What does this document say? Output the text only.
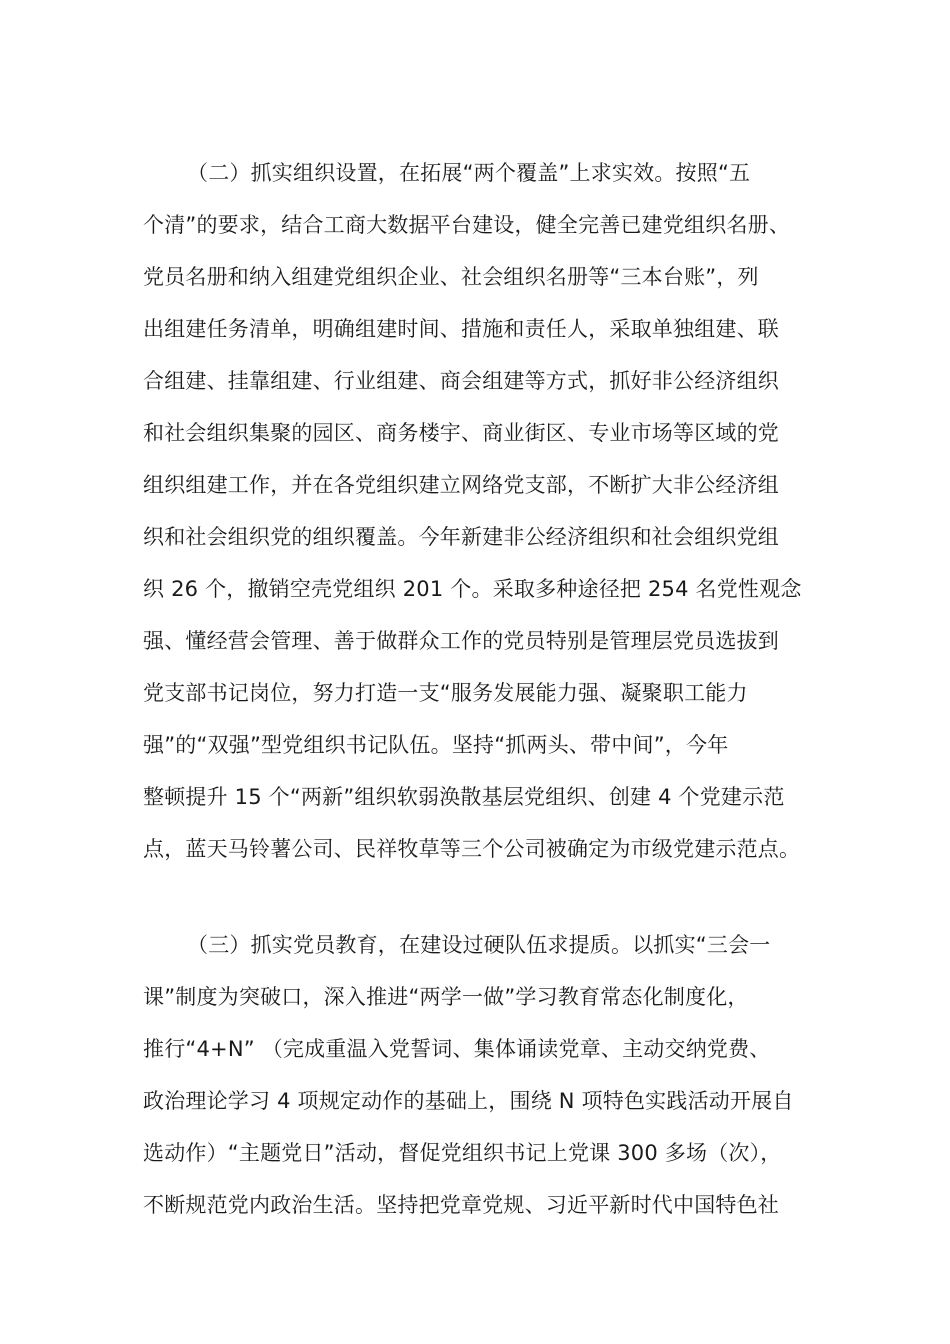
（二）抓实组织设置，在拓展“两个覆盖”上求实效。按照“五
个清”的要求，结合工商大数据平台建设，健全完善已建党组织名册、
党员名册和纳入组建党组织企业、社会组织名册等“三本台账”，列
出组建任务清单，明确组建时间、措施和责任人，采取单独组建、联
合组建、挂靠组建、行业组建、商会组建等方式，抓好非公经济组织
和社会组织集聚的园区、商务楼宇、商业街区、专业市场等区域的党
组织组建工作，并在各党组织建立网络党支部，不断扩大非公经济组
织和社会组织党的组织覆盖。今年新建非公经济组织和社会组织党组
织 26 个，撤销空壳党组织 201 个。采取多种途径把 254 名党性观念
强、懂经营会管理、善于做群众工作的党员特别是管理层党员选拔到
党支部书记岗位，努力打造一支“服务发展能力强、凝聚职工能力
强”的“双强”型党组织书记队伍。坚持“抓两头、带中间”，今年
整顿提升 15 个“两新”组织软弱涣散基层党组织、创建 4 个党建示范
点，蓝天马铃薯公司、民祥牧草等三个公司被确定为市级党建示范点。
（三）抓实党员教育，在建设过硬队伍求提质。以抓实“三会一
课”制度为突破口，深入推进“两学一做”学习教育常态化制度化，
推行“4+N” （完成重温入党誓词、集体诵读党章、主动交纳党费、
政治理论学习 4 项规定动作的基础上，围绕 N 项特色实践活动开展自
选动作）“主题党日”活动，督促党组织书记上党课 300 多场（次），
不断规范党内政治生活。坚持把党章党规、习近平新时代中国特色社
